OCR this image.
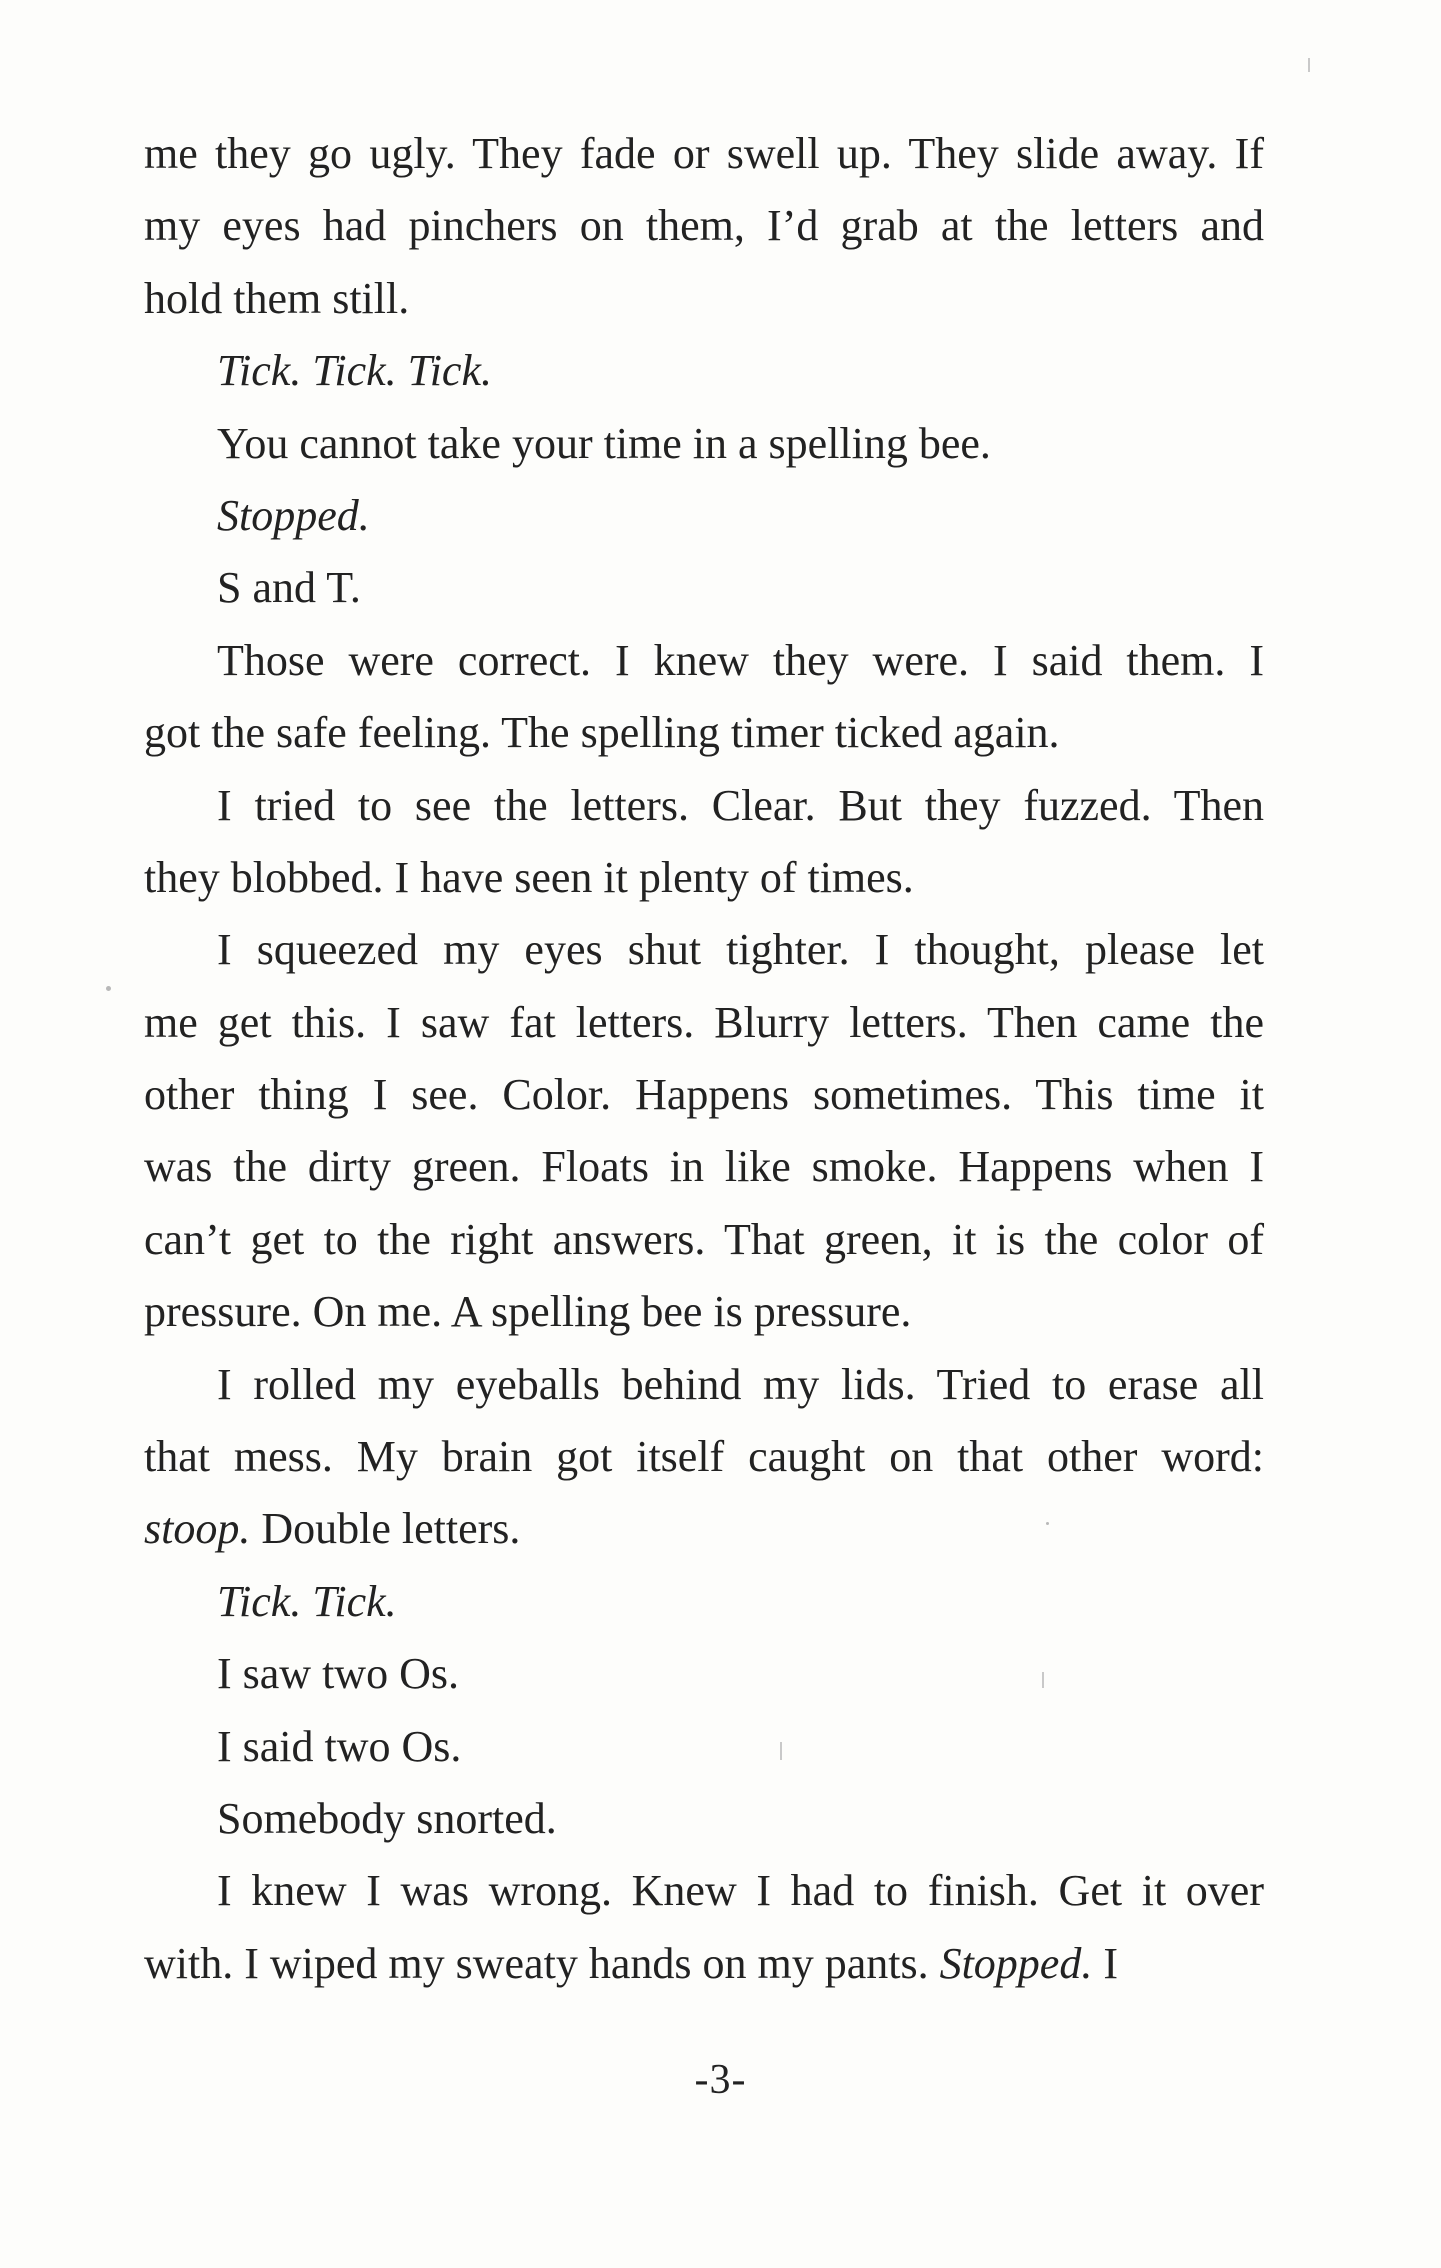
me they go ugly. They fade or swell up. They slide away. If
my eyes had pinchers on them, I’d grab at the letters and
hold them still.
Tick. Tick. Tick.
You cannot take your time in a spelling bee.
Stopped.
S and T.
Those were correct. I knew they were. I said them. I
got the safe feeling. The spelling timer ticked again.
I tried to see the letters. Clear. But they fuzzed. Then
they blobbed. I have seen it plenty of times.
I squeezed my eyes shut tighter. I thought, please let
me get this. I saw fat letters. Blurry letters. Then came the
other thing I see. Color. Happens sometimes. This time it
was the dirty green. Floats in like smoke. Happens when I
can’t get to the right answers. That green, it is the color of
pressure. On me. A spelling bee is pressure.
I rolled my eyeballs behind my lids. Tried to erase all
that mess. My brain got itself caught on that other word:
stoop. Double letters.
Tick. Tick.
I saw two Os.
I said two Os.
Somebody snorted.
I knew I was wrong. Knew I had to finish. Get it over
with. I wiped my sweaty hands on my pants. Stopped. I
-3-
